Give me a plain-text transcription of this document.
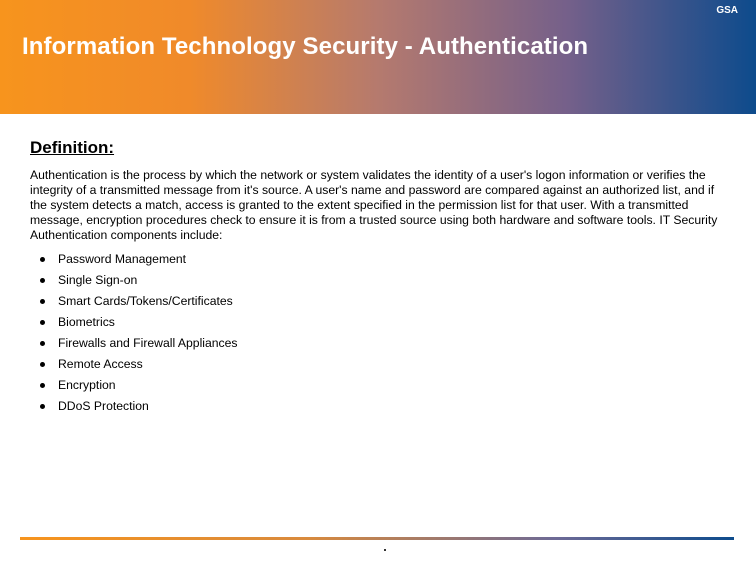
GSA
Information Technology Security - Authentication
Definition:

Authentication is the process by which the network or system validates the identity of a user's logon information or verifies the integrity of a transmitted message from it's source. A user's name and password are compared against an authorized list, and if the system detects a match, access is granted to the extent specified in the permission list for that user. With a transmitted message, encryption procedures check to ensure it is from a trusted source using both hardware and software tools. IT Security Authentication components include:

Password Management
Single Sign-on
Smart Cards/Tokens/Certificates
Biometrics
Firewalls and Firewall Appliances
Remote Access
Encryption
DDoS Protection
